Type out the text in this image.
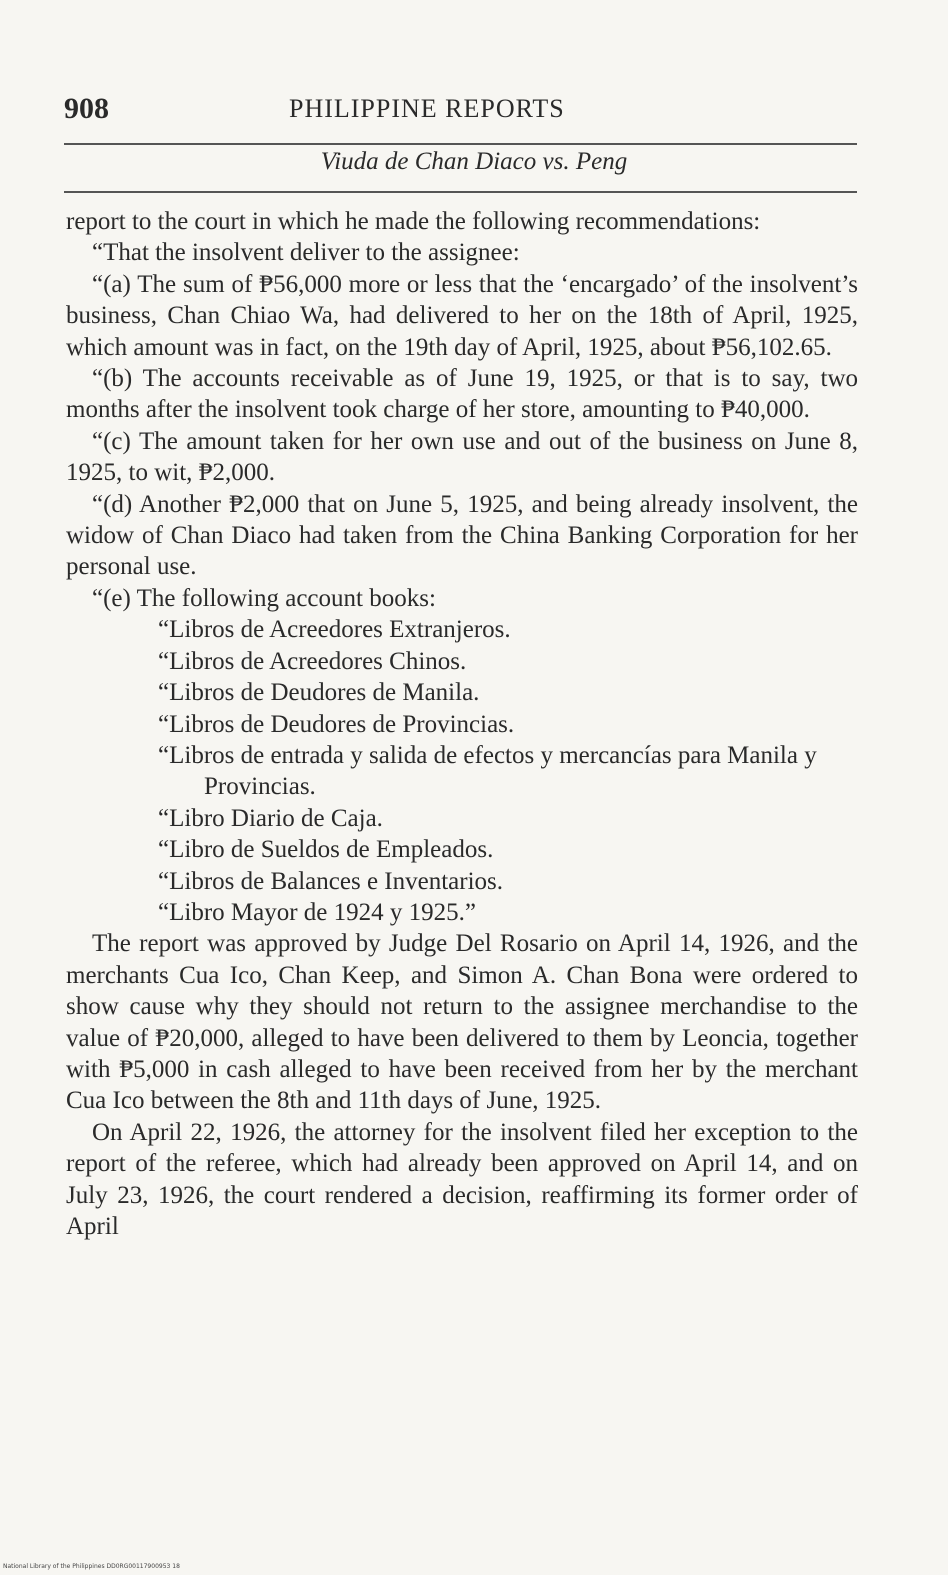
908	PHILIPPINE REPORTS
Viuda de Chan Diaco vs. Peng

report to the court in which he made the following recommendations:

“That the insolvent deliver to the assignee:

“(a) The sum of ₱56,000 more or less that the ‘encargado’ of the insolvent’s business, Chan Chiao Wa, had delivered to her on the 18th of April, 1925, which amount was in fact, on the 19th day of April, 1925, about ₱56,102.65.

“(b) The accounts receivable as of June 19, 1925, or that is to say, two months after the insolvent took charge of her store, amounting to ₱40,000.

“(c) The amount taken for her own use and out of the business on June 8, 1925, to wit, ₱2,000.

“(d) Another ₱2,000 that on June 5, 1925, and being already insolvent, the widow of Chan Diaco had taken from the China Banking Corporation for her personal use.

“(e) The following account books:

“Libros de Acreedores Extranjeros.

“Libros de Acreedores Chinos.

“Libros de Deudores de Manila.

“Libros de Deudores de Provincias.

“Libros de entrada y salida de efectos y mercancías para Manila y Provincias.

“Libro Diario de Caja.

“Libro de Sueldos de Empleados.

“Libros de Balances e Inventarios.

“Libro Mayor de 1924 y 1925.”

The report was approved by Judge Del Rosario on April 14, 1926, and the merchants Cua Ico, Chan Keep, and Simon A. Chan Bona were ordered to show cause why they should not return to the assignee merchandise to the value of ₱20,000, alleged to have been delivered to them by Leoncia, together with ₱5,000 in cash alleged to have been received from her by the merchant Cua Ico between the 8th and 11th days of June, 1925.

On April 22, 1926, the attorney for the insolvent filed her exception to the report of the referee, which had already been approved on April 14, and on July 23, 1926, the court rendered a decision, reaffirming its former order of April

National Library of the Philippines DD0RG00117900953 18
